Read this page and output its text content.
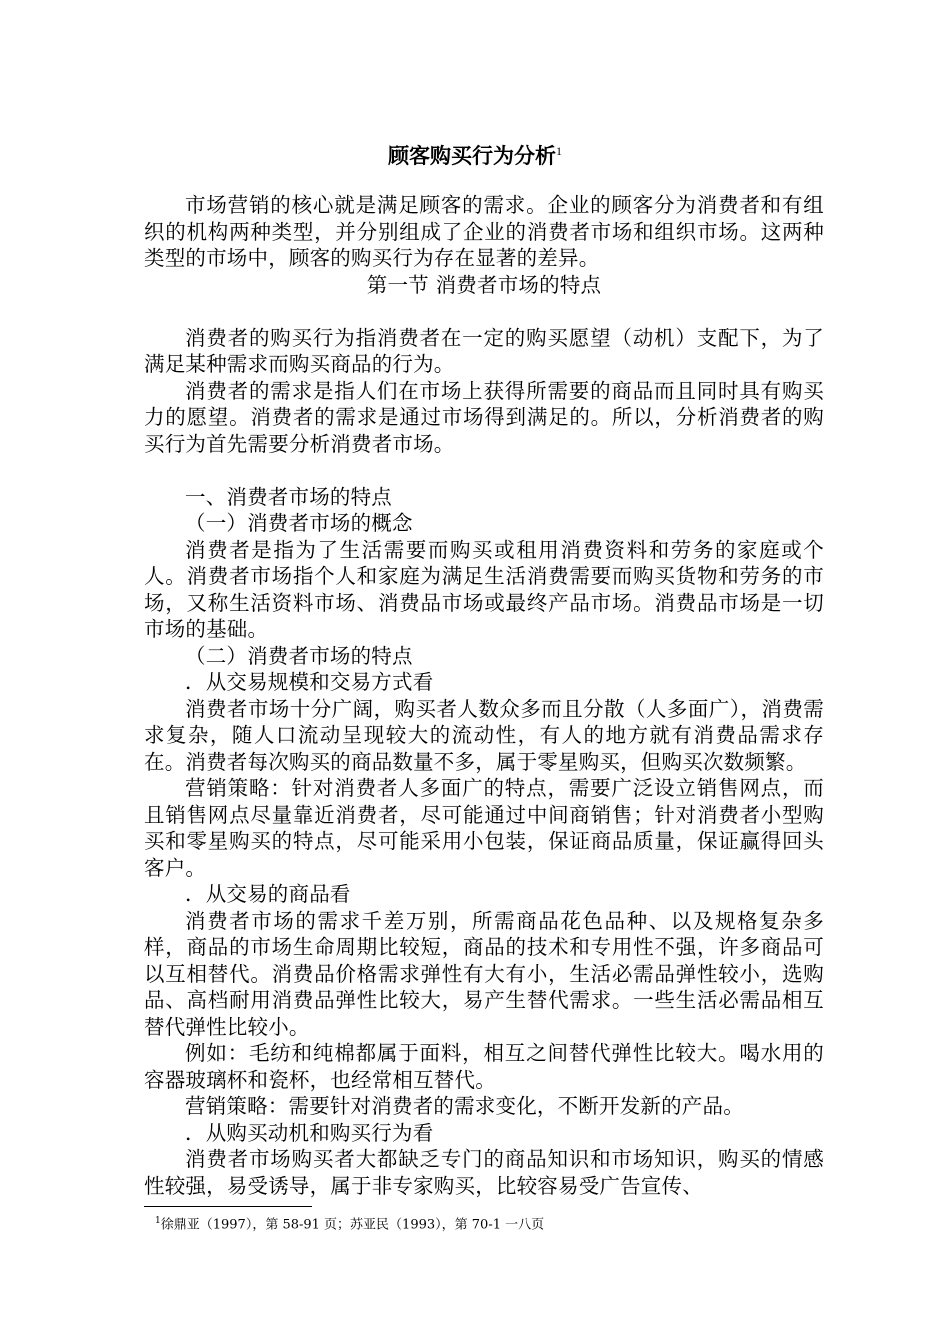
顾客购买行为分析$^1$

市场营销的核心就是满足顾客的需求。企业的顾客分为消费者和有组织的机构两种类型，并分别组成了企业的消费者市场和组织市场。这两种类型的市场中，顾客的购买行为存在显著的差异。

第一节 消费者市场的特点

消费者的购买行为指消费者在一定的购买愿望（动机）支配下，为了满足某种需求而购买商品的行为。

消费者的需求是指人们在市场上获得所需要的商品而且同时具有购买力的愿望。消费者的需求是通过市场得到满足的。所以，分析消费者的购买行为首先需要分析消费者市场。

一、消费者市场的特点

（一）消费者市场的概念

消费者是指为了生活需要而购买或租用消费资料和劳务的家庭或个人。消费者市场指个人和家庭为满足生活消费需要而购买货物和劳务的市场，又称生活资料市场、消费品市场或最终产品市场。消费品市场是一切市场的基础。

（二）消费者市场的特点

．从交易规模和交易方式看

消费者市场十分广阔，购买者人数众多而且分散（人多面广），消费需求复杂，随人口流动呈现较大的流动性，有人的地方就有消费品需求存在。消费者每次购买的商品数量不多，属于零星购买，但购买次数频繁。

营销策略：针对消费者人多面广的特点，需要广泛设立销售网点，而且销售网点尽量靠近消费者，尽可能通过中间商销售；针对消费者小型购买和零星购买的特点，尽可能采用小包装，保证商品质量，保证赢得回头客户。

．从交易的商品看

消费者市场的需求千差万别，所需商品花色品种、以及规格复杂多样，商品的市场生命周期比较短，商品的技术和专用性不强，许多商品可以互相替代。消费品价格需求弹性有大有小，生活必需品弹性较小，选购品、高档耐用消费品弹性比较大，易产生替代需求。一些生活必需品相互替代弹性比较小。

例如：毛纺和纯棉都属于面料，相互之间替代弹性比较大。喝水用的容器玻璃杯和瓷杯，也经常相互替代。

营销策略：需要针对消费者的需求变化，不断开发新的产品。

．从购买动机和购买行为看

消费者市场购买者大都缺乏专门的商品知识和市场知识，购买的情感性较强，易受诱导，属于非专家购买，比较容易受广告宣传、

$^1$徐鼎亚（1997），第 58-91 页；苏亚民（1993），第 70-1 一八页
